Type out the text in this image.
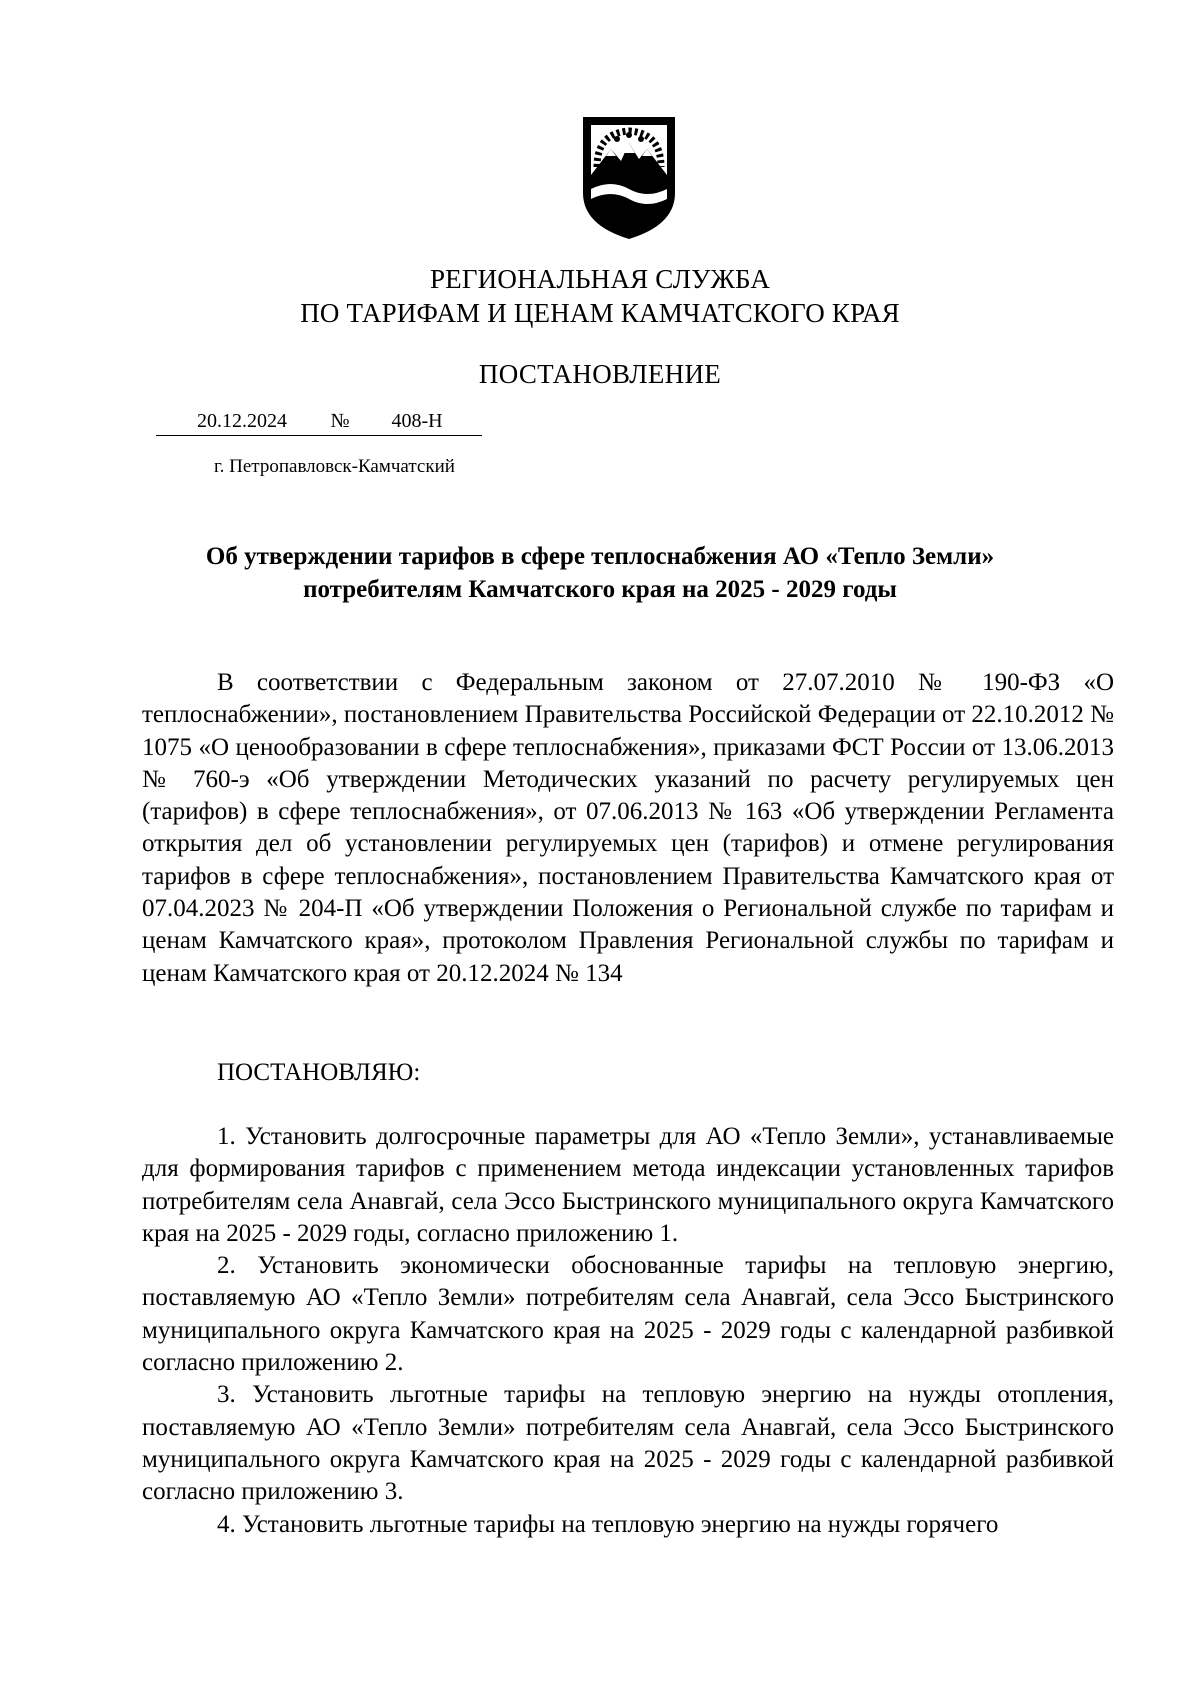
РЕГИОНАЛЬНАЯ СЛУЖБА
ПО ТАРИФАМ И ЦЕНАМ КАМЧАТСКОГО КРАЯ
ПОСТАНОВЛЕНИЕ
20.12.2024	№	408-Н
г. Петропавловск-Камчатский
Об утверждении тарифов в сфере теплоснабжения АО «Тепло Земли»
потребителям Камчатского края на 2025 - 2029 годы

В соответствии с Федеральным законом от 27.07.2010 № 190-ФЗ «О теплоснабжении», постановлением Правительства Российской Федерации от 22.10.2012 № 1075 «О ценообразовании в сфере теплоснабжения», приказами ФСТ России от 13.06.2013 № 760-э «Об утверждении Методических указаний по расчету регулируемых цен (тарифов) в сфере теплоснабжения», от 07.06.2013 № 163 «Об утверждении Регламента открытия дел об установлении регулируемых цен (тарифов) и отмене регулирования тарифов в сфере теплоснабжения», постановлением Правительства Камчатского края от 07.04.2023 № 204-П «Об утверждении Положения о Региональной службе по тарифам и ценам Камчатского края», протоколом Правления Региональной службы по тарифам и ценам Камчатского края от 20.12.2024 № 134

ПОСТАНОВЛЯЮ:

1. Установить долгосрочные параметры для АО «Тепло Земли», устанавливаемые для формирования тарифов с применением метода индексации установленных тарифов потребителям села Анавгай, села Эссо Быстринского муниципального округа Камчатского края на 2025 - 2029 годы, согласно приложению 1.

2. Установить экономически обоснованные тарифы на тепловую энергию, поставляемую АО «Тепло Земли» потребителям села Анавгай, села Эссо Быстринского муниципального округа Камчатского края на 2025 - 2029 годы с календарной разбивкой согласно приложению 2.

3. Установить льготные тарифы на тепловую энергию на нужды отопления, поставляемую АО «Тепло Земли» потребителям села Анавгай, села Эссо Быстринского муниципального округа Камчатского края на 2025 - 2029 годы с календарной разбивкой согласно приложению 3.

4. Установить льготные тарифы на тепловую энергию на нужды горячего
